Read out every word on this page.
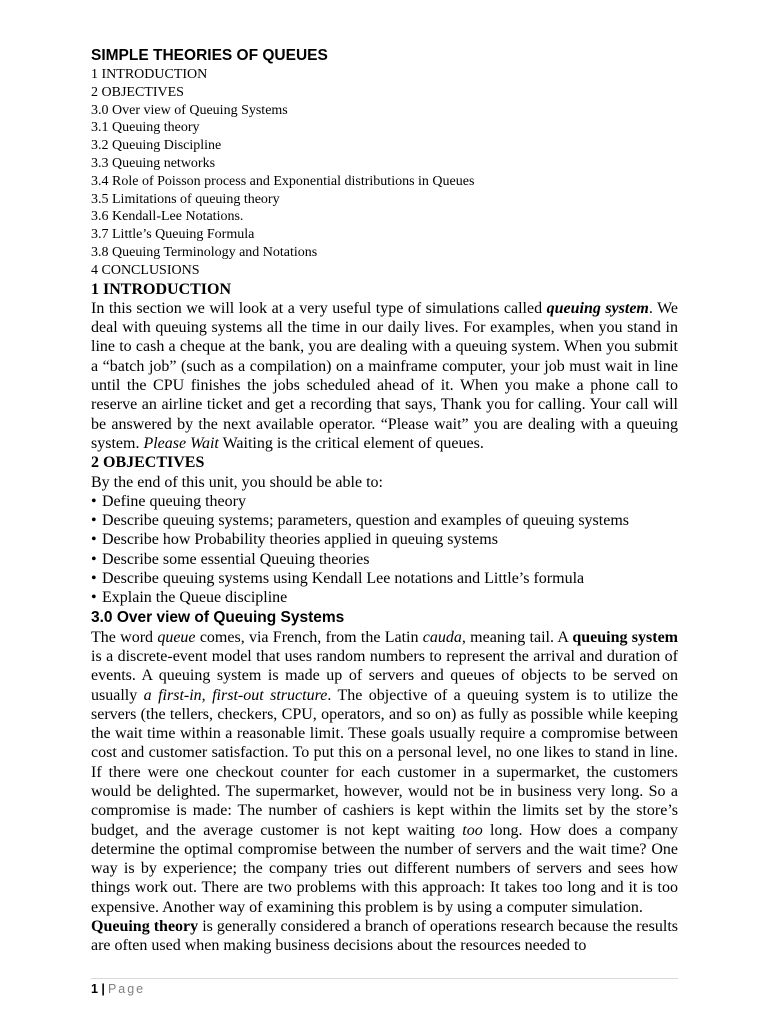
SIMPLE THEORIES OF QUEUES
1 INTRODUCTION
2 OBJECTIVES
3.0 Over view of Queuing Systems
3.1 Queuing theory
3.2 Queuing Discipline
3.3 Queuing networks
3.4 Role of Poisson process and Exponential distributions in Queues
3.5 Limitations of queuing theory
3.6 Kendall-Lee Notations.
3.7 Little’s Queuing Formula
3.8 Queuing Terminology and Notations
4 CONCLUSIONS
1 INTRODUCTION

In this section we will look at a very useful type of simulations called queuing system. We deal with queuing systems all the time in our daily lives. For examples, when you stand in line to cash a cheque at the bank, you are dealing with a queuing system. When you submit a “batch job” (such as a compilation) on a mainframe computer, your job must wait in line until the CPU finishes the jobs scheduled ahead of it. When you make a phone call to reserve an airline ticket and get a recording that says, Thank you for calling. Your call will be answered by the next available operator. “Please wait” you are dealing with a queuing system. Please Wait Waiting is the critical element of queues.

2 OBJECTIVES
By the end of this unit, you should be able to:
• Define queuing theory
• Describe queuing systems; parameters, question and examples of queuing systems
• Describe how Probability theories applied in queuing systems
• Describe some essential Queuing theories
• Describe queuing systems using Kendall Lee notations and Little’s formula
• Explain the Queue discipline
3.0 Over view of Queuing Systems

The word queue comes, via French, from the Latin cauda, meaning tail. A queuing system is a discrete-event model that uses random numbers to represent the arrival and duration of events. A queuing system is made up of servers and queues of objects to be served on usually a first-in, first-out structure. The objective of a queuing system is to utilize the servers (the tellers, checkers, CPU, operators, and so on) as fully as possible while keeping the wait time within a reasonable limit. These goals usually require a compromise between cost and customer satisfaction. To put this on a personal level, no one likes to stand in line. If there were one checkout counter for each customer in a supermarket, the customers would be delighted. The supermarket, however, would not be in business very long. So a compromise is made: The number of cashiers is kept within the limits set by the store’s budget, and the average customer is not kept waiting too long. How does a company determine the optimal compromise between the number of servers and the wait time? One way is by experience; the company tries out different numbers of servers and sees how things work out. There are two problems with this approach: It takes too long and it is too expensive. Another way of examining this problem is by using a computer simulation.

Queuing theory is generally considered a branch of operations research because the results are often used when making business decisions about the resources needed to

1 | Page
